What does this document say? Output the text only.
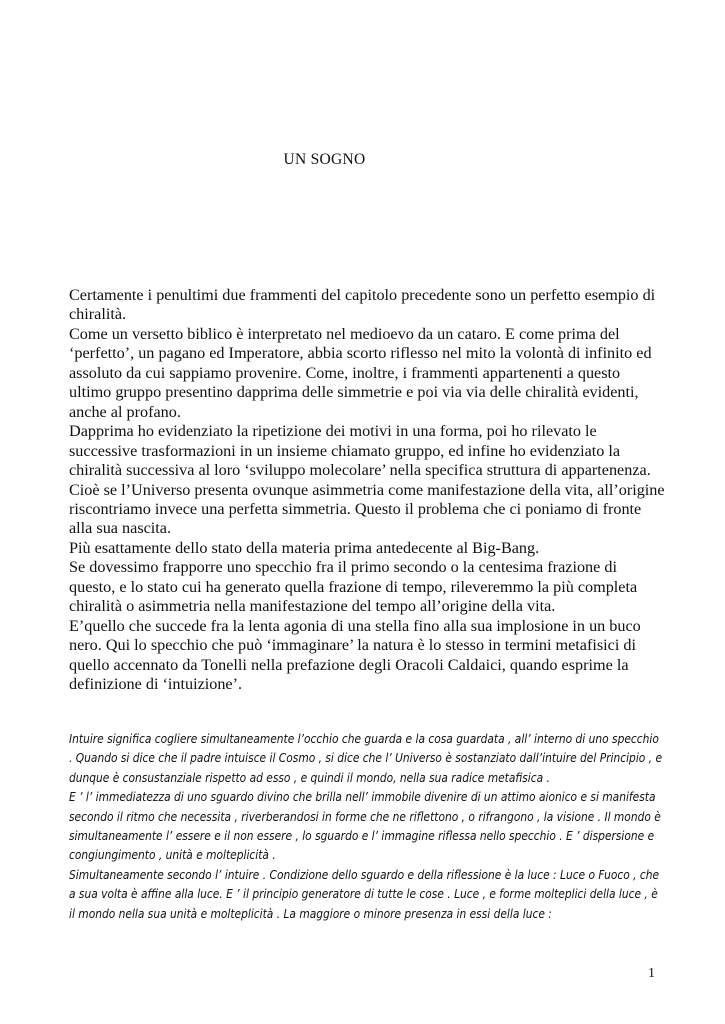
UN SOGNO

Certamente i penultimi due frammenti del capitolo precedente sono un perfetto esempio di chiralità.

Come un versetto biblico è interpretato nel medioevo da un cataro. E come prima del ‘perfetto’, un pagano ed Imperatore, abbia scorto riflesso nel mito la volontà di infinito ed assoluto da cui sappiamo provenire. Come, inoltre, i frammenti appartenenti a questo ultimo gruppo presentino dapprima delle simmetrie e poi via via delle chiralità evidenti, anche al profano.

Dapprima ho evidenziato la ripetizione dei motivi in una forma, poi ho rilevato le successive trasformazioni in un insieme chiamato gruppo, ed infine ho evidenziato la chiralità successiva al loro ‘sviluppo molecolare’ nella specifica struttura di appartenenza. Cioè se l’Universo presenta ovunque asimmetria come manifestazione della vita, all’origine riscontriamo invece una perfetta simmetria. Questo il problema che ci poniamo di fronte alla sua nascita.

Più esattamente dello stato della materia prima antedecente al Big-Bang.

Se dovessimo frapporre uno specchio fra il primo secondo o la centesima frazione di questo, e lo stato cui ha generato quella frazione di tempo, rileveremmo la più completa chiralità o asimmetria nella manifestazione del tempo all’origine della vita.

E’quello che succede fra la lenta agonia di una stella fino alla sua implosione in un buco nero. Qui lo specchio che può ‘immaginare’ la natura è lo stesso in termini metafisici di quello accennato da Tonelli nella prefazione degli Oracoli Caldaici, quando esprime la definizione di ‘intuizione’.

Intuire significa cogliere simultaneamente l’occhio che guarda e la cosa guardata , all’ interno di uno specchio . Quando si dice che il padre intuisce il Cosmo , si dice che l’ Universo è sostanziato dall’intuire del Principio , e dunque è consustanziale rispetto ad esso , e quindi il mondo, nella sua radice metafisica .

E ’ l’ immediatezza di uno sguardo divino che brilla nell’ immobile divenire di un attimo aionico e si manifesta secondo il ritmo che necessita , riverberandosi in forme che ne riflettono , o rifrangono , la visione . Il mondo è simultaneamente l’ essere e il non essere , lo sguardo e l’ immagine riflessa nello specchio . E ’ dispersione e congiungimento , unità e molteplicità .

Simultaneamente secondo l’ intuire . Condizione dello sguardo e della riflessione è la luce : Luce o Fuoco , che a sua volta è affine alla luce. E ’ il principio generatore di tutte le cose . Luce , e forme molteplici della luce , è il mondo nella sua unità e molteplicità . La maggiore o minore presenza in essi della luce :

1
